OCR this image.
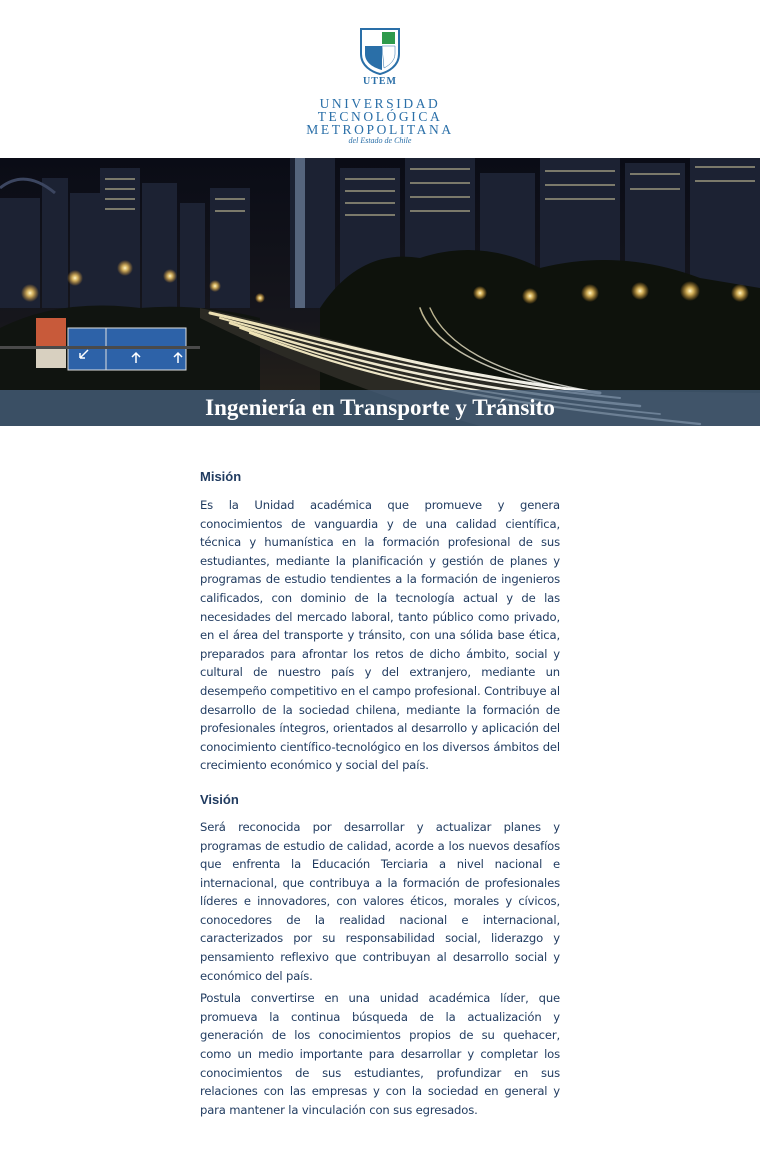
UTEM
UNIVERSIDAD
TECNOLÓGICA
METROPOLITANA
del Estado de Chile
Ingeniería en Transporte y Tránsito
Misión

Es la Unidad académica que promueve y genera conocimientos de vanguardia y de una calidad científica, técnica y humanística en la formación profesional de sus estudiantes, mediante la planificación y gestión de planes y programas de estudio tendientes a la formación de ingenieros calificados, con dominio de la tecnología actual y de las necesidades del mercado laboral, tanto público como privado, en el área del transporte y tránsito, con una sólida base ética, preparados para afrontar los retos de dicho ámbito, social y cultural de nuestro país y del extranjero, mediante un desempeño competitivo en el campo profesional. Contribuye al desarrollo de la sociedad chilena, mediante la formación de profesionales íntegros, orientados al desarrollo y aplicación del conocimiento científico-tecnológico en los diversos ámbitos del crecimiento económico y social del país.

Visión

Será reconocida por desarrollar y actualizar planes y programas de estudio de calidad, acorde a los nuevos desafíos que enfrenta la Educación Terciaria a nivel nacional e internacional, que contribuya a la formación de profesionales líderes e innovadores, con valores éticos, morales y cívicos, conocedores de la realidad nacional e internacional, caracterizados por su responsabilidad social, liderazgo y pensamiento reflexivo que contribuyan al desarrollo social y económico del país.

Postula convertirse en una unidad académica líder, que promueva la continua búsqueda de la actualización y generación de los conocimientos propios de su quehacer, como un medio importante para desarrollar y completar los conocimientos de sus estudiantes, profundizar en sus relaciones con las empresas y con la sociedad en general y para mantener la vinculación con sus egresados.
